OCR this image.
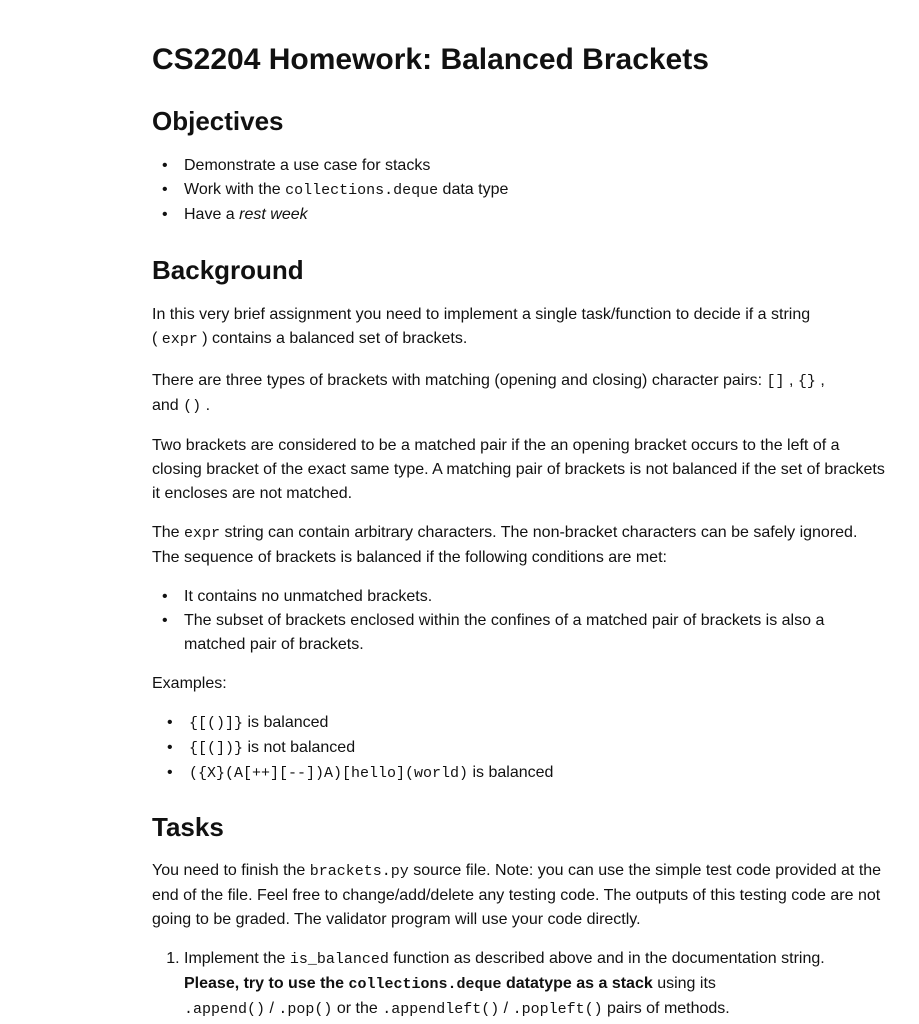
CS2204 Homework: Balanced Brackets
Objectives
• Demonstrate a use case for stacks
• Work with the collections.deque data type
• Have a rest week
Background

In this very brief assignment you need to implement a single task/function to decide if a string
( expr ) contains a balanced set of brackets.

There are three types of brackets with matching (opening and closing) character pairs: [] , {} ,
and () .

Two brackets are considered to be a matched pair if the an opening bracket occurs to the left of a closing bracket of the exact same type. A matching pair of brackets is not balanced if the set of brackets it encloses are not matched.

The expr string can contain arbitrary characters. The non-bracket characters can be safely ignored. The sequence of brackets is balanced if the following conditions are met:

• It contains no unmatched brackets.
• The subset of brackets enclosed within the confines of a matched pair of brackets is also a matched pair of brackets.

Examples:

• {[()]} is balanced
• {[(])} is not balanced
• ({X}(A[++][--])A)[hello](world) is balanced
Tasks

You need to finish the brackets.py source file. Note: you can use the simple test code provided at the end of the file. Feel free to change/add/delete any testing code. The outputs of this testing code are not going to be graded. The validator program will use your code directly.

1. Implement the is_balanced function as described above and in the documentation string.
Please, try to use the collections.deque datatype as a stack using its
.append() / .pop() or the .appendleft() / .popleft() pairs of methods.
